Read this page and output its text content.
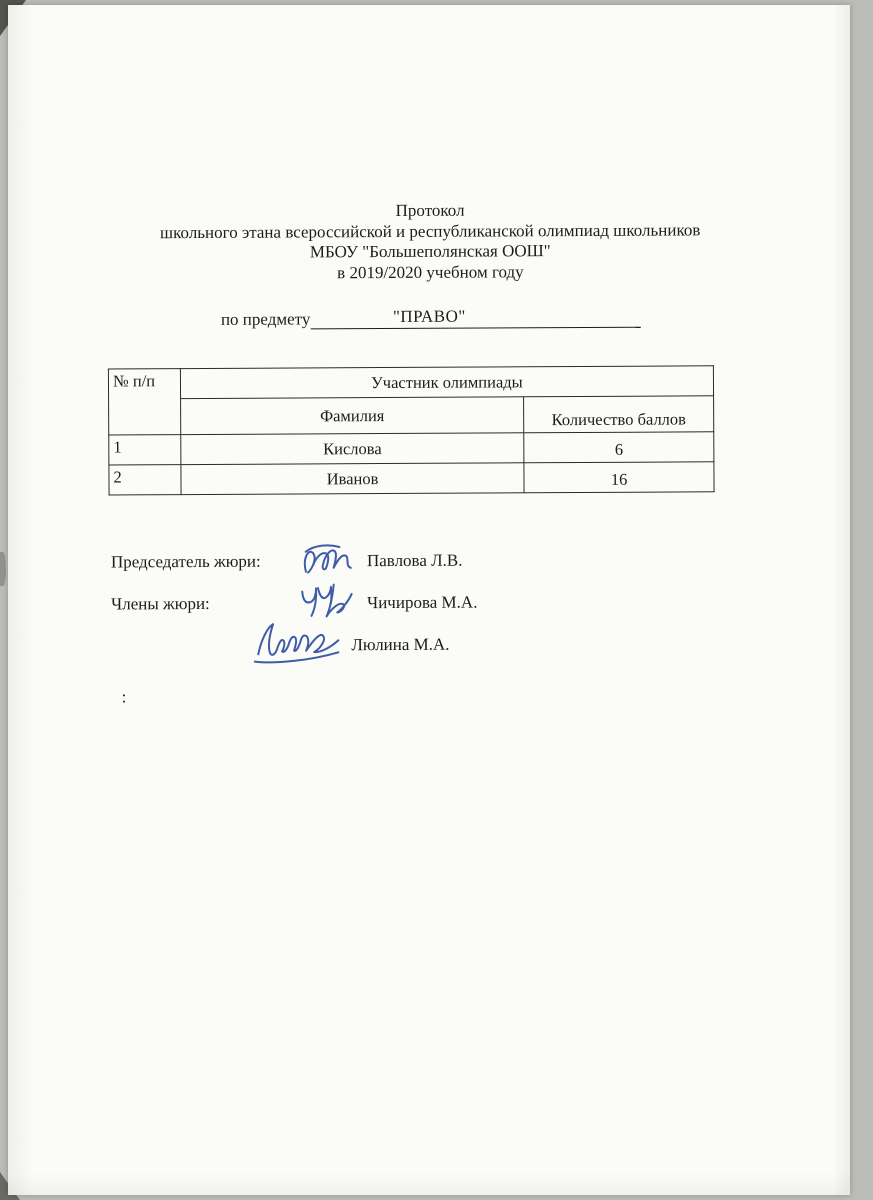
Протокол
школьного этана всероссийской и республиканской олимпиад школьников
МБОУ "Большеполянская ООШ"
в 2019/2020 учебном году
по предмету	"ПРАВО"
№ п/п	Участник олимпиады	
	Фамилия	Количество баллов
1	Кислова	6
2	Иванов	16
Председатель жюри:	Павлова Л.В.
Члены жюри:	Чичирова М.А.
Люлина М.А.
:
